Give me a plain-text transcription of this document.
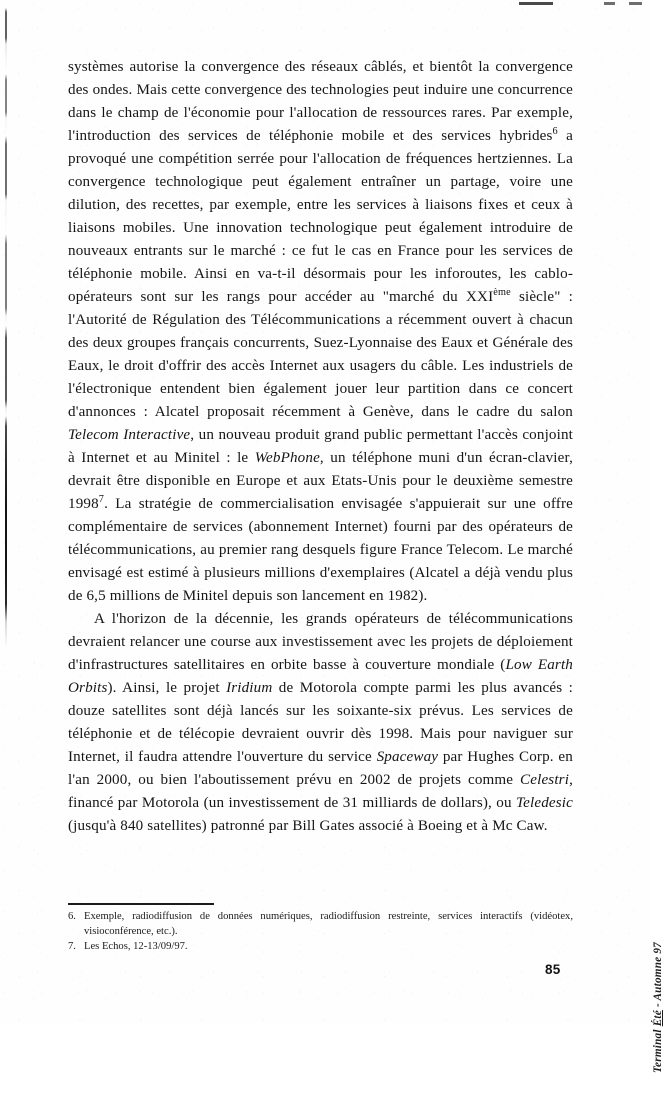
systèmes autorise la convergence des réseaux câblés, et bientôt la convergence des ondes. Mais cette convergence des technologies peut induire une concurrence dans le champ de l'économie pour l'allocation de ressources rares. Par exemple, l'introduction des services de téléphonie mobile et des services hybrides$^6$ a provoqué une compétition serrée pour l'allocation de fréquences hertziennes. La convergence technologique peut également entraîner un partage, voire une dilution, des recettes, par exemple, entre les services à liaisons fixes et ceux à liaisons mobiles. Une innovation technologique peut également introduire de nouveaux entrants sur le marché : ce fut le cas en France pour les services de téléphonie mobile. Ainsi en va-t-il désormais pour les inforoutes, les cablo-opérateurs sont sur les rangs pour accéder au "marché du XXIème siècle" : l'Autorité de Régulation des Télécommunications a récemment ouvert à chacun des deux groupes français concurrents, Suez-Lyonnaise des Eaux et Générale des Eaux, le droit d'offrir des accès Internet aux usagers du câble. Les industriels de l'électronique entendent bien également jouer leur partition dans ce concert d'annonces : Alcatel proposait récemment à Genève, dans le cadre du salon Telecom Interactive, un nouveau produit grand public permettant l'accès conjoint à Internet et au Minitel : le WebPhone, un téléphone muni d'un écran-clavier, devrait être disponible en Europe et aux Etats-Unis pour le deuxième semestre 1998$^7$. La stratégie de commercialisation envisagée s'appuierait sur une offre complémentaire de services (abonnement Internet) fourni par des opérateurs de télécommunications, au premier rang desquels figure France Telecom. Le marché envisagé est estimé à plusieurs millions d'exemplaires (Alcatel a déjà vendu plus de 6,5 millions de Minitel depuis son lancement en 1982).

A l'horizon de la décennie, les grands opérateurs de télécommunications devraient relancer une course aux investissement avec les projets de déploiement d'infrastructures satellitaires en orbite basse à couverture mondiale (Low Earth Orbits). Ainsi, le projet Iridium de Motorola compte parmi les plus avancés : douze satellites sont déjà lancés sur les soixante-six prévus. Les services de téléphonie et de télécopie devraient ouvrir dès 1998. Mais pour naviguer sur Internet, il faudra attendre l'ouverture du service Spaceway par Hughes Corp. en l'an 2000, ou bien l'aboutissement prévu en 2002 de projets comme Celestri, financé par Motorola (un investissement de 31 milliards de dollars), ou Teledesic (jusqu'à 840 satellites) patronné par Bill Gates associé à Boeing et à Mc Caw.

6. Exemple, radiodiffusion de données numériques, radiodiffusion restreinte, services interactifs (vidéotex, visioconférence, etc.).
7. Les Echos, 12-13/09/97.
Terminal Été - Automne 97
85
